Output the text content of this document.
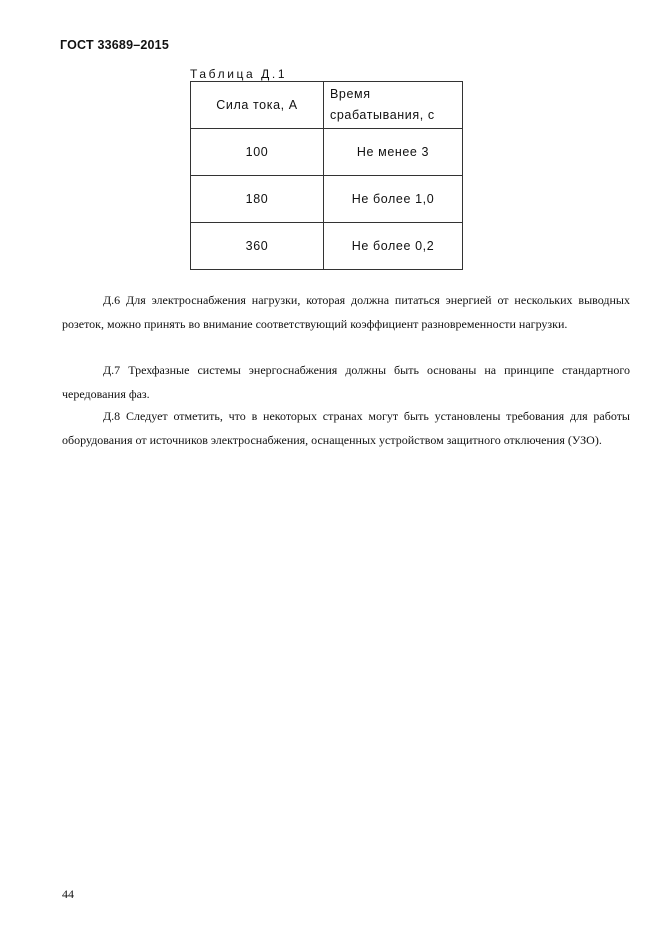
ГОСТ 33689–2015
Таблица Д.1
Сила тока, А	Время срабатывания, с
100	Не менее 3
180	Не более 1,0
360	Не более 0,2

Д.6 Для электроснабжения нагрузки, которая должна питаться энергией от нескольких выводных розеток, можно принять во внимание соответствующий коэффициент разновременности нагрузки.

Д.7 Трехфазные системы энергоснабжения должны быть основаны на принципе стандартного чередования фаз.

Д.8 Следует отметить, что в некоторых странах могут быть установлены требования для работы оборудования от источников электроснабжения, оснащенных устройством защитного отключения (УЗО).

44
